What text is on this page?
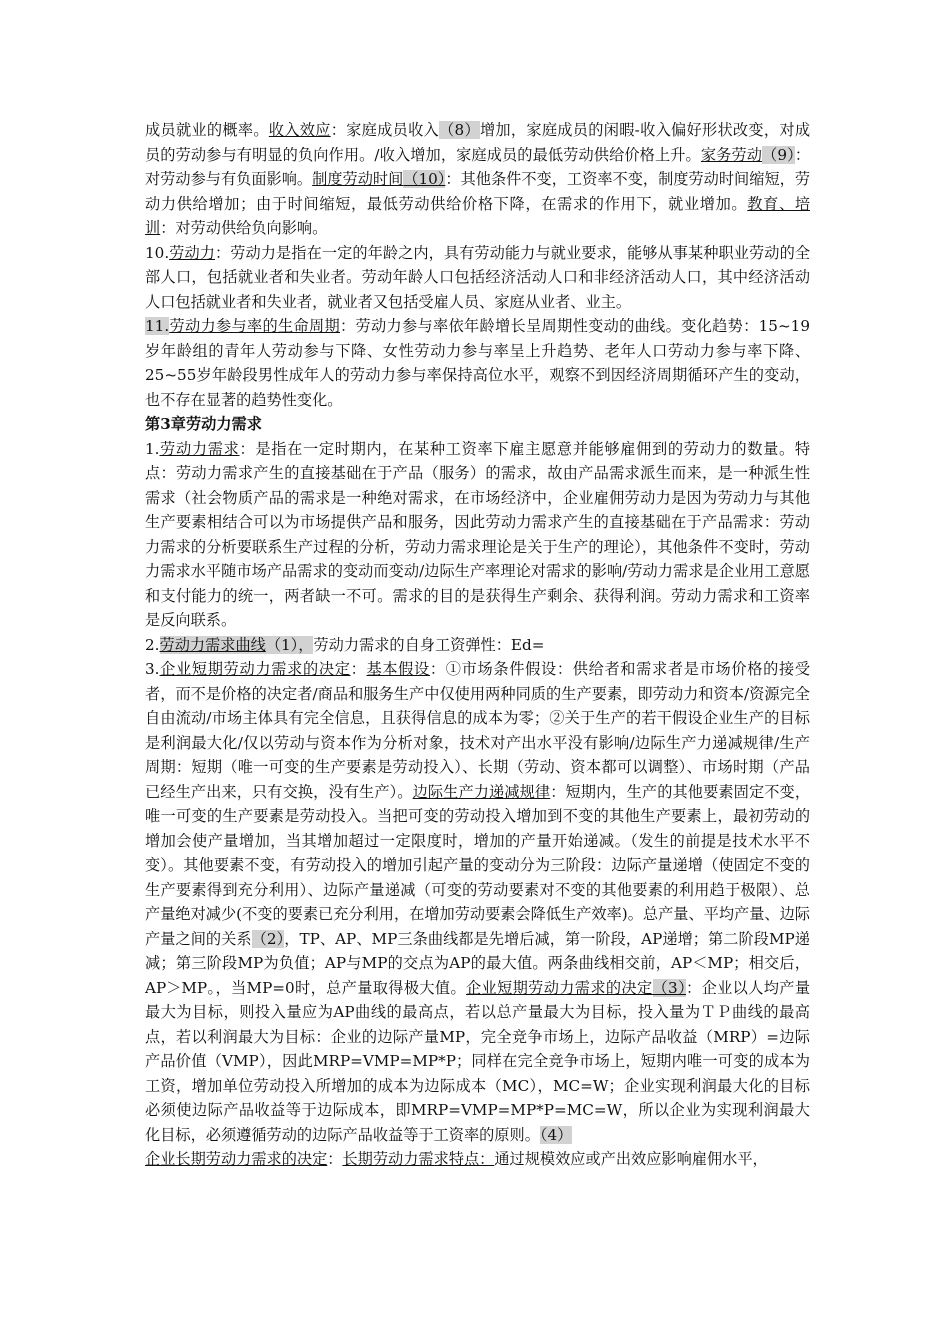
成员就业的概率。收入效应：家庭成员收入（8）增加，家庭成员的闲暇-收入偏好形状改变，对成员的劳动参与有明显的负向作用。/收入增加，家庭成员的最低劳动供给价格上升。家务劳动（9）：对劳动参与有负面影响。制度劳动时间（10）：其他条件不变，工资率不变，制度劳动时间缩短，劳动力供给增加；由于时间缩短，最低劳动供给价格下降，在需求的作用下，就业增加。教育、培训：对劳动供给负向影响。

10.劳动力：劳动力是指在一定的年龄之内，具有劳动能力与就业要求，能够从事某种职业劳动的全部人口，包括就业者和失业者。劳动年龄人口包括经济活动人口和非经济活动人口，其中经济活动人口包括就业者和失业者，就业者又包括受雇人员、家庭从业者、业主。

11.劳动力参与率的生命周期：劳动力参与率依年龄增长呈周期性变动的曲线。变化趋势：15~19岁年龄组的青年人劳动参与下降、女性劳动力参与率呈上升趋势、老年人口劳动力参与率下降、25~55岁年龄段男性成年人的劳动力参与率保持高位水平，观察不到因经济周期循环产生的变动，也不存在显著的趋势性变化。

第3章劳动力需求

1.劳动力需求：是指在一定时期内，在某种工资率下雇主愿意并能够雇佣到的劳动力的数量。特点：劳动力需求产生的直接基础在于产品（服务）的需求，故由产品需求派生而来，是一种派生性需求（社会物质产品的需求是一种绝对需求，在市场经济中，企业雇佣劳动力是因为劳动力与其他生产要素相结合可以为市场提供产品和服务，因此劳动力需求产生的直接基础在于产品需求：劳动力需求的分析要联系生产过程的分析，劳动力需求理论是关于生产的理论），其他条件不变时，劳动力需求水平随市场产品需求的变动而变动/边际生产率理论对需求的影响/劳动力需求是企业用工意愿和支付能力的统一，两者缺一不可。需求的目的是获得生产剩余、获得利润。劳动力需求和工资率是反向联系。

2.劳动力需求曲线（1），劳动力需求的自身工资弹性：Ed=

3.企业短期劳动力需求的决定：基本假设：①市场条件假设：供给者和需求者是市场价格的接受者，而不是价格的决定者/商品和服务生产中仅使用两种同质的生产要素，即劳动力和资本/资源完全自由流动/市场主体具有完全信息，且获得信息的成本为零；②关于生产的若干假设企业生产的目标是利润最大化/仅以劳动与资本作为分析对象，技术对产出水平没有影响/边际生产力递减规律/生产周期：短期（唯一可变的生产要素是劳动投入）、长期（劳动、资本都可以调整）、市场时期（产品已经生产出来，只有交换，没有生产）。边际生产力递减规律：短期内，生产的其他要素固定不变，唯一可变的生产要素是劳动投入。当把可变的劳动投入增加到不变的其他生产要素上，最初劳动的增加会使产量增加，当其增加超过一定限度时，增加的产量开始递减。（发生的前提是技术水平不变）。其他要素不变，有劳动投入的增加引起产量的变动分为三阶段：边际产量递增（使固定不变的生产要素得到充分利用）、边际产量递减（可变的劳动要素对不变的其他要素的利用趋于极限）、总产量绝对减少(不变的要素已充分利用，在增加劳动要素会降低生产效率)。总产量、平均产量、边际产量之间的关系（2），TP、AP、MP三条曲线都是先增后减，第一阶段，AP递增；第二阶段MP递减；第三阶段MP为负值；AP与MP的交点为AP的最大值。两条曲线相交前，AP＜MP；相交后，AP＞MP。，当MP=0时，总产量取得极大值。企业短期劳动力需求的决定（3）：企业以人均产量最大为目标，则投入量应为AP曲线的最高点，若以总产量最大为目标，投入量为ＴＰ曲线的最高点，若以利润最大为目标：企业的边际产量MP，完全竞争市场上，边际产品收益（MRP）=边际产品价值（VMP），因此MRP=VMP=MP*P；同样在完全竞争市场上，短期内唯一可变的成本为工资，增加单位劳动投入所增加的成本为边际成本（MC），MC=W；企业实现利润最大化的目标必须使边际产品收益等于边际成本，即MRP=VMP=MP*P=MC=W，所以企业为实现利润最大化目标，必须遵循劳动的边际产品收益等于工资率的原则。（4）

企业长期劳动力需求的决定：长期劳动力需求特点：通过规模效应或产出效应影响雇佣水平，
